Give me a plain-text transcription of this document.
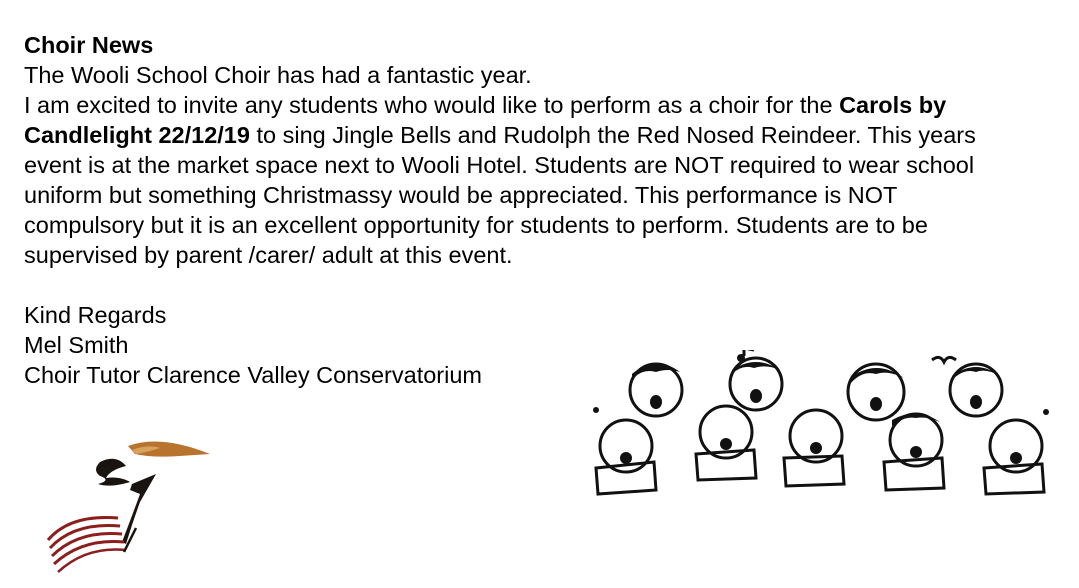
Choir News

The Wooli School Choir has had a fantastic year.

I am excited to invite any students who would like to perform as a choir for the Carols by Candlelight 22/12/19 to sing Jingle Bells and Rudolph the Red Nosed Reindeer. This years event is at the market space next to Wooli Hotel. Students are NOT required to wear school uniform but something Christmassy would be appreciated. This performance is NOT compulsory but it is an excellent opportunity for students to perform. Students are to be supervised by parent /carer/ adult at this event.

Kind Regards

Mel Smith

Choir Tutor Clarence Valley Conservatorium
